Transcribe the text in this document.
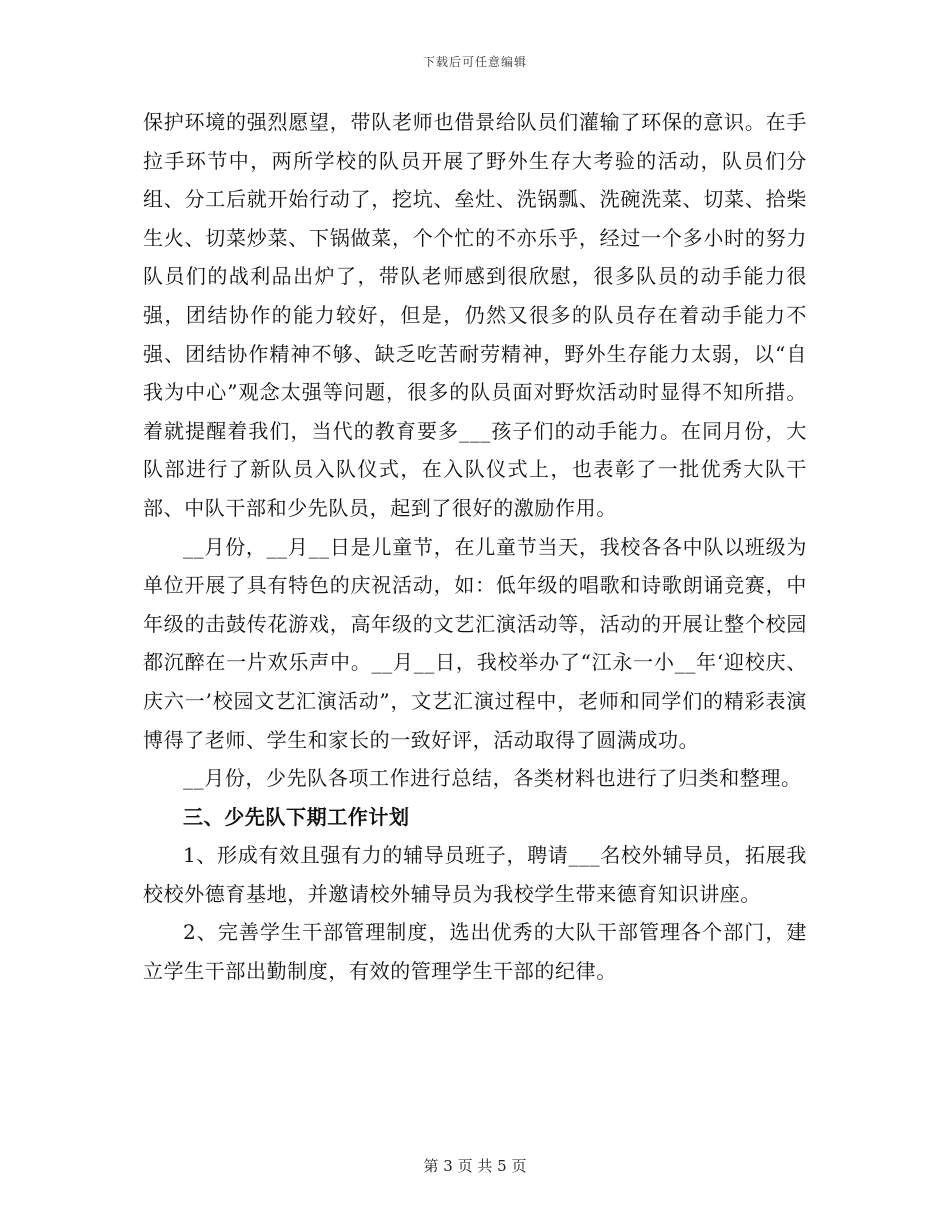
下载后可任意编辑

保护环境的强烈愿望，带队老师也借景给队员们灌输了环保的意识。在手拉手环节中，两所学校的队员开展了野外生存大考验的活动，队员们分组、分工后就开始行动了，挖坑、垒灶、洗锅瓢、洗碗洗菜、切菜、拾柴生火、切菜炒菜、下锅做菜，个个忙的不亦乐乎，经过一个多小时的努力队员们的战利品出炉了，带队老师感到很欣慰，很多队员的动手能力很强，团结协作的能力较好，但是，仍然又很多的队员存在着动手能力不强、团结协作精神不够、缺乏吃苦耐劳精神，野外生存能力太弱，以“自我为中心”观念太强等问题，很多的队员面对野炊活动时显得不知所措。着就提醒着我们，当代的教育要多___孩子们的动手能力。在同月份，大队部进行了新队员入队仪式，在入队仪式上，也表彰了一批优秀大队干部、中队干部和少先队员，起到了很好的激励作用。

__月份，__月__日是儿童节，在儿童节当天，我校各各中队以班级为单位开展了具有特色的庆祝活动，如：低年级的唱歌和诗歌朗诵竞赛，中年级的击鼓传花游戏，高年级的文艺汇演活动等，活动的开展让整个校园都沉醉在一片欢乐声中。__月__日，我校举办了“江永一小__年‘迎校庆、庆六一’校园文艺汇演活动”，文艺汇演过程中，老师和同学们的精彩表演博得了老师、学生和家长的一致好评，活动取得了圆满成功。

__月份，少先队各项工作进行总结，各类材料也进行了归类和整理。

三、少先队下期工作计划

1、形成有效且强有力的辅导员班子，聘请___名校外辅导员，拓展我校校外德育基地，并邀请校外辅导员为我校学生带来德育知识讲座。

2、完善学生干部管理制度，选出优秀的大队干部管理各个部门，建立学生干部出勤制度，有效的管理学生干部的纪律。

第 3 页 共 5 页
